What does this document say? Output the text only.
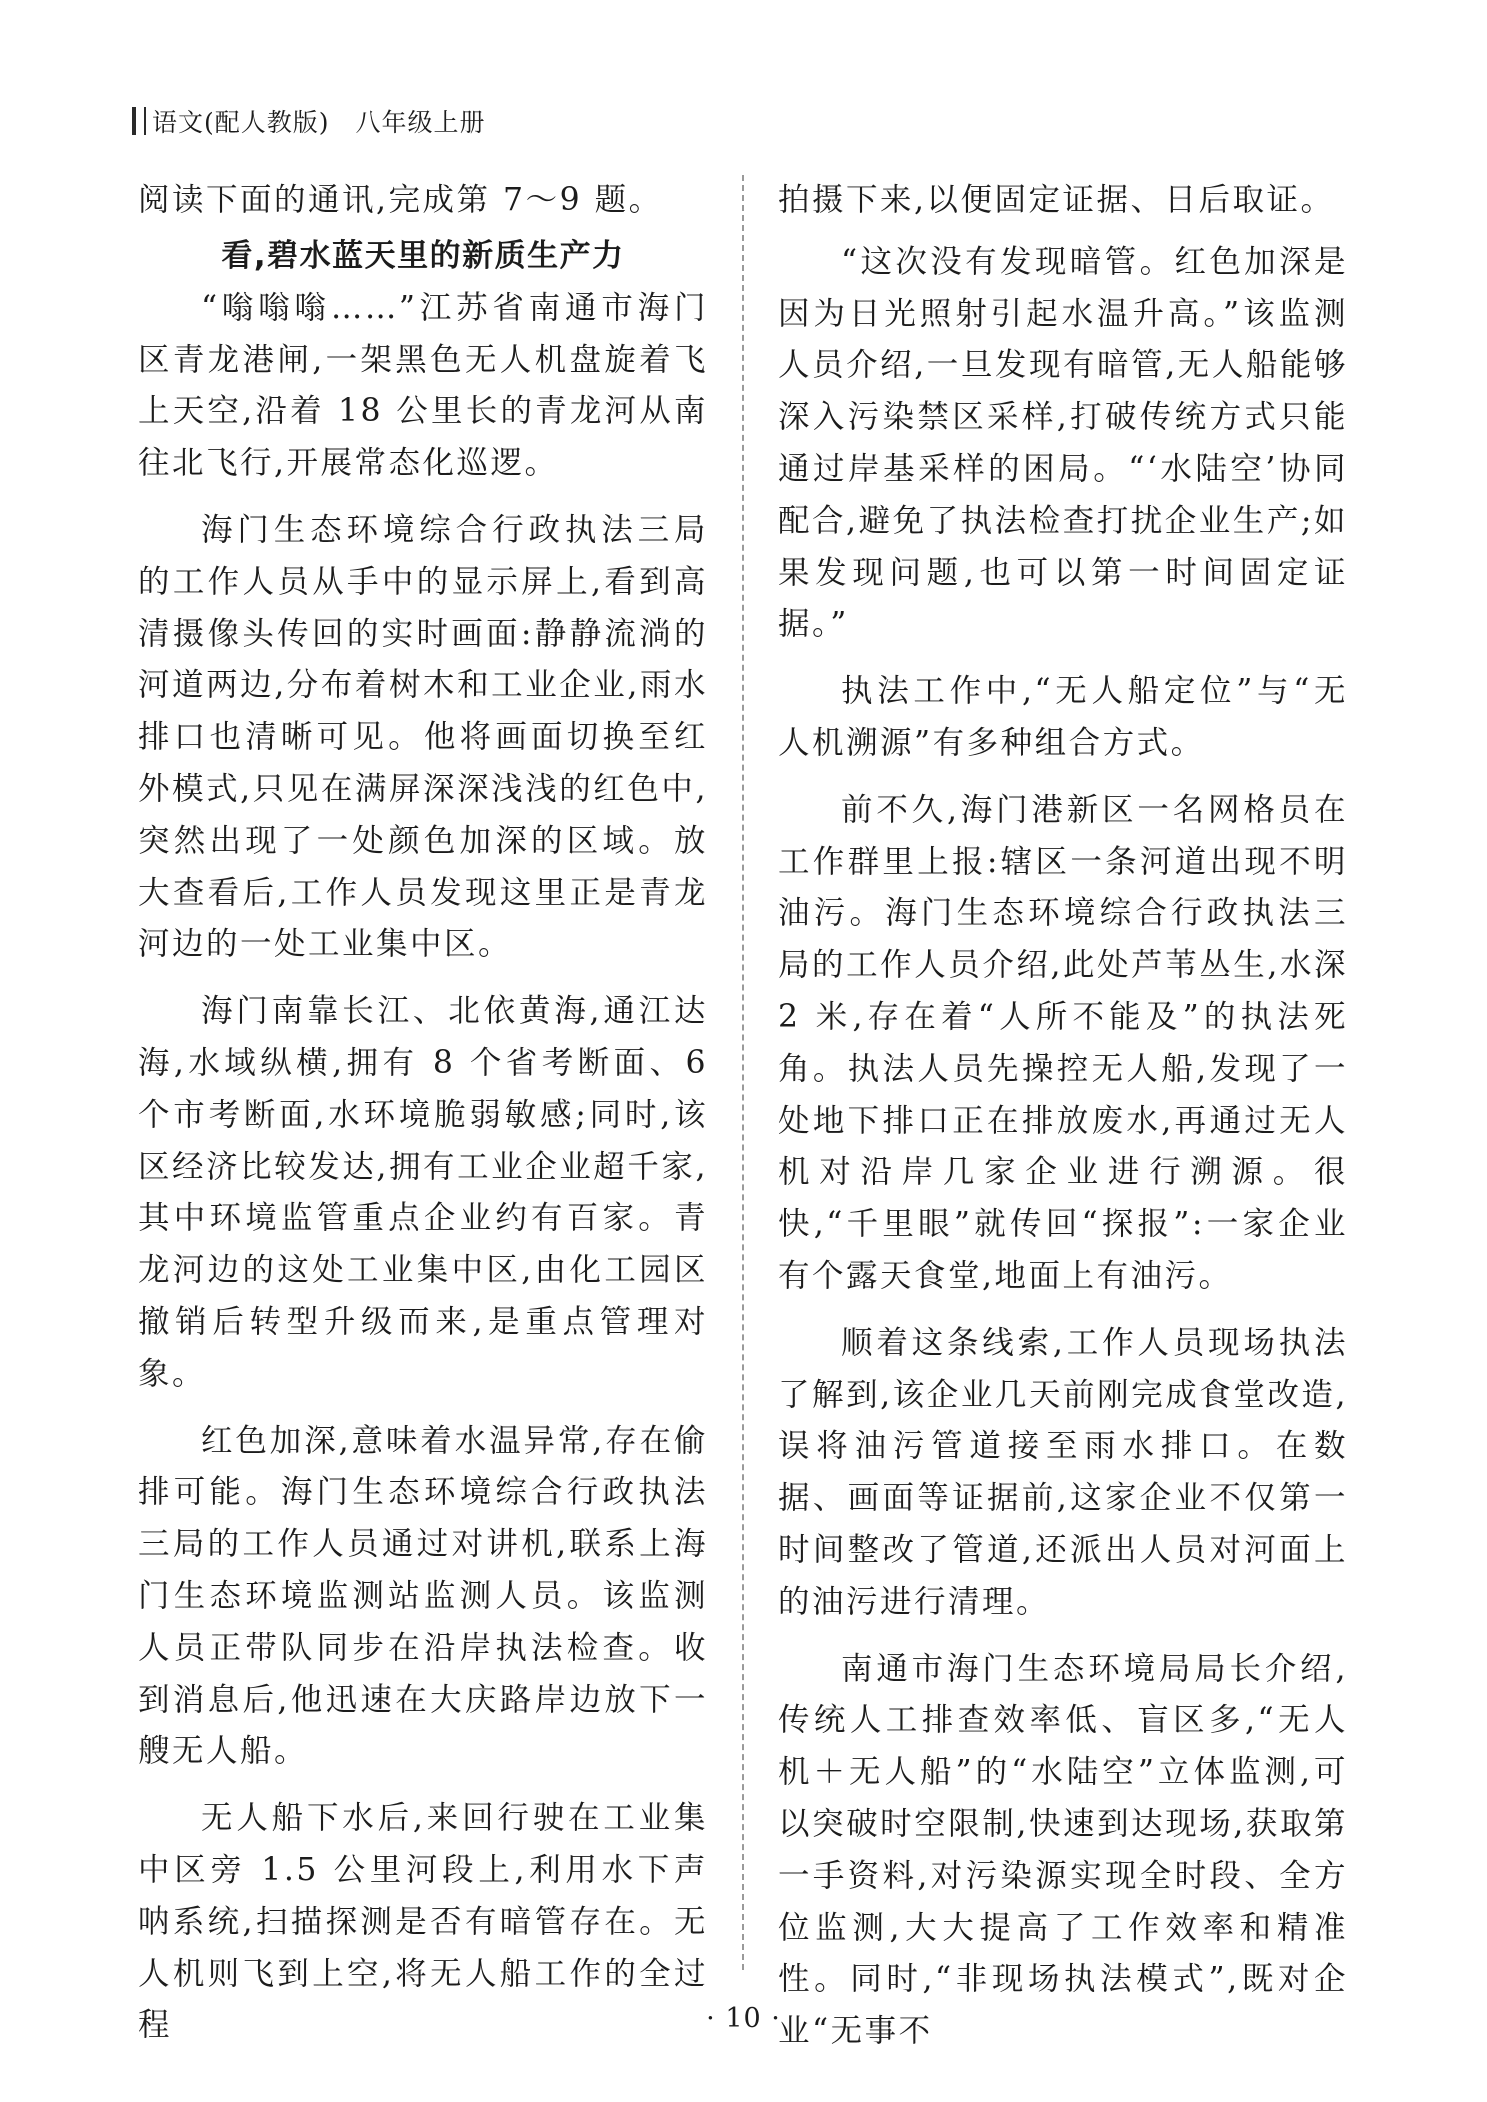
语文(配人教版)　八年级上册

阅读下面的通讯,完成第 7～9 题。

看,碧水蓝天里的新质生产力

“嗡嗡嗡……”江苏省南通市海门区青龙港闸,一架黑色无人机盘旋着飞上天空,沿着 18 公里长的青龙河从南往北飞行,开展常态化巡逻。

海门生态环境综合行政执法三局的工作人员从手中的显示屏上,看到高清摄像头传回的实时画面:静静流淌的河道两边,分布着树木和工业企业,雨水排口也清晰可见。他将画面切换至红外模式,只见在满屏深深浅浅的红色中,突然出现了一处颜色加深的区域。放大查看后,工作人员发现这里正是青龙河边的一处工业集中区。

海门南靠长江、北依黄海,通江达海,水域纵横,拥有 8 个省考断面、6 个市考断面,水环境脆弱敏感;同时,该区经济比较发达,拥有工业企业超千家,其中环境监管重点企业约有百家。青龙河边的这处工业集中区,由化工园区撤销后转型升级而来,是重点管理对象。

红色加深,意味着水温异常,存在偷排可能。海门生态环境综合行政执法三局的工作人员通过对讲机,联系上海门生态环境监测站监测人员。该监测人员正带队同步在沿岸执法检查。收到消息后,他迅速在大庆路岸边放下一艘无人船。

无人船下水后,来回行驶在工业集中区旁 1.5 公里河段上,利用水下声呐系统,扫描探测是否有暗管存在。无人机则飞到上空,将无人船工作的全过程

拍摄下来,以便固定证据、日后取证。

“这次没有发现暗管。红色加深是因为日光照射引起水温升高。”该监测人员介绍,一旦发现有暗管,无人船能够深入污染禁区采样,打破传统方式只能通过岸基采样的困局。“‘水陆空’协同配合,避免了执法检查打扰企业生产;如果发现问题,也可以第一时间固定证据。”

执法工作中,“无人船定位”与“无人机溯源”有多种组合方式。

前不久,海门港新区一名网格员在工作群里上报:辖区一条河道出现不明油污。海门生态环境综合行政执法三局的工作人员介绍,此处芦苇丛生,水深 2 米,存在着“人所不能及”的执法死角。执法人员先操控无人船,发现了一处地下排口正在排放废水,再通过无人机对沿岸几家企业进行溯源。很快,“千里眼”就传回“探报”:一家企业有个露天食堂,地面上有油污。

顺着这条线索,工作人员现场执法了解到,该企业几天前刚完成食堂改造,误将油污管道接至雨水排口。在数据、画面等证据前,这家企业不仅第一时间整改了管道,还派出人员对河面上的油污进行清理。

南通市海门生态环境局局长介绍,传统人工排查效率低、盲区多,“无人机＋无人船”的“水陆空”立体监测,可以突破时空限制,快速到达现场,获取第一手资料,对污染源实现全时段、全方位监测,大大提高了工作效率和精准性。同时,“非现场执法模式”,既对企业“无事不

· 10 ·
